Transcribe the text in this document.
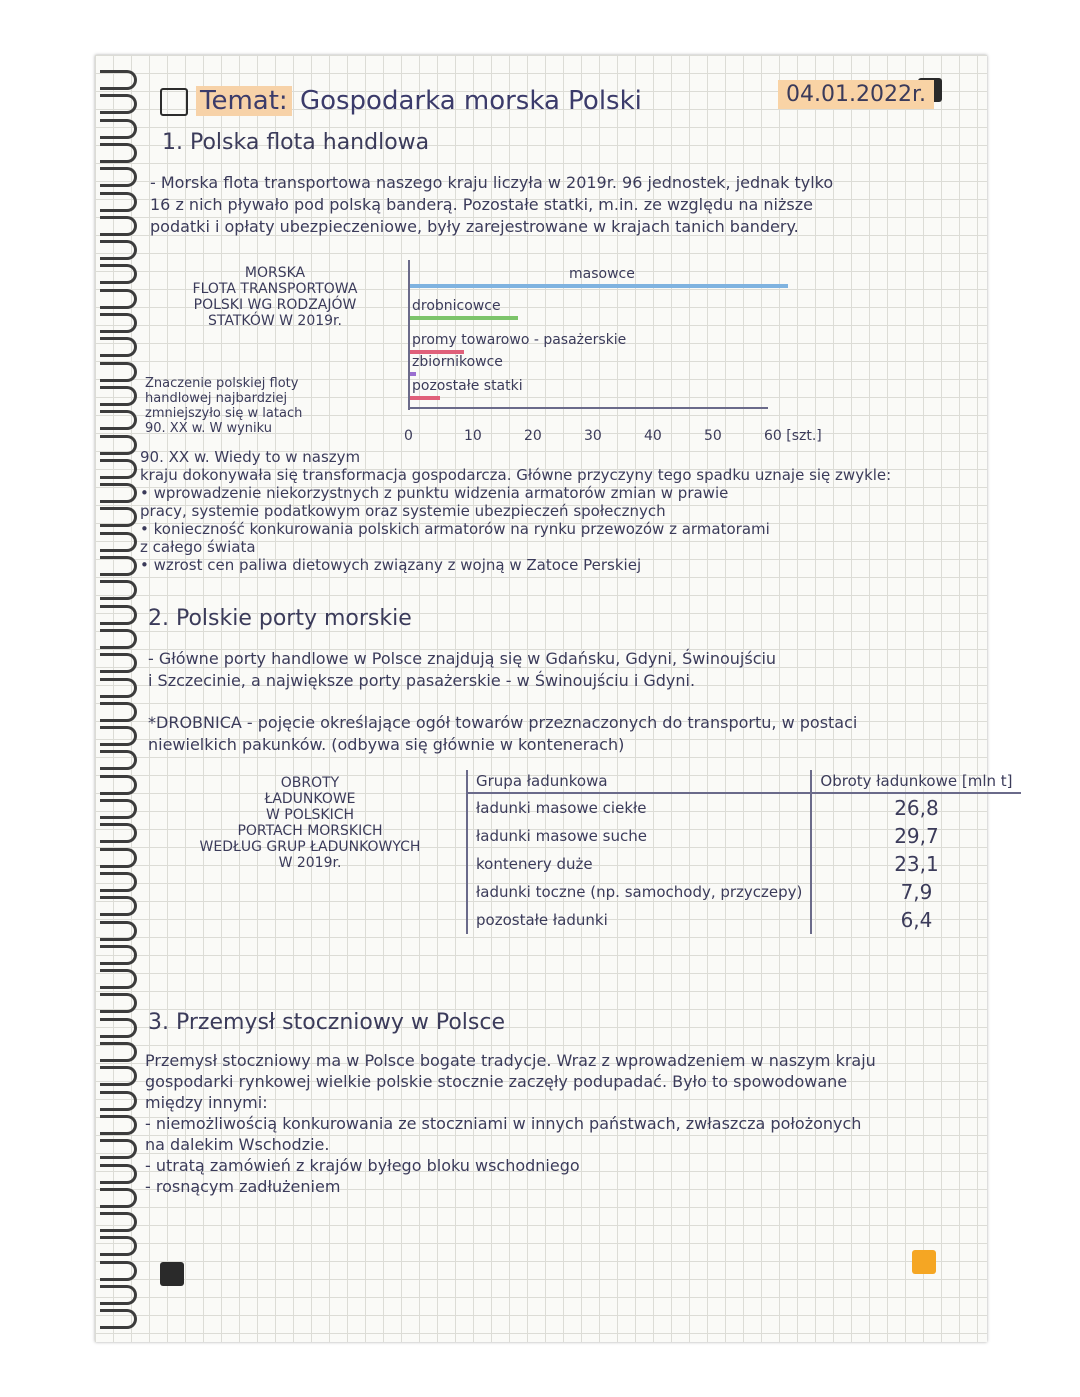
Temat: Gospodarka morska Polski	04.01.2022r.
1. Polska flota handlowa
- Morska flota transportowa naszego kraju liczyła w 2019r. 96 jednostek, jednak tylko
16 z nich pływało pod polską banderą. Pozostałe statki, m.in. ze względu na niższe
podatki i opłaty ubezpieczeniowe, były zarejestrowane w krajach tanich bandery.
MORSKA
FLOTA TRANSPORTOWA
POLSKI WG RODZAJÓW
STATKÓW W 2019r.
Znaczenie polskiej floty
handlowej najbardziej
zmniejszyło się w latach
90. XX w. W wyniku
masowce
drobnicowce
promy towarowo - pasażerskie
zbiornikowce
pozostałe statki
0	10	20	30	40	50	60 [szt.]
90. XX w. Wiedy to w naszym
kraju dokonywała się transformacja gospodarcza. Główne przyczyny tego spadku uznaje się zwykle:
• wprowadzenie niekorzystnych z punktu widzenia armatorów zmian w prawie
pracy, systemie podatkowym oraz systemie ubezpieczeń społecznych
• konieczność konkurowania polskich armatorów na rynku przewozów z armatorami
z całego świata
• wzrost cen paliwa dietowych związany z wojną w Zatoce Perskiej
2. Polskie porty morskie
- Główne porty handlowe w Polsce znajdują się w Gdańsku, Gdyni, Świnoujściu
i Szczecinie, a największe porty pasażerskie - w Świnoujściu i Gdyni.
*DROBNICA - pojęcie określające ogół towarów przeznaczonych do transportu, w postaci
niewielkich pakunków. (odbywa się głównie w kontenerach)
OBROTY
ŁADUNKOWE
W POLSKICH
PORTACH MORSKICH
WEDŁUG GRUP ŁADUNKOWYCH
W 2019r.
Grupa ładunkowa	Obroty ładunkowe [mln t]
ładunki masowe ciekłe	26,8
ładunki masowe suche	29,7
kontenery duże	23,1
ładunki toczne (np. samochody, przyczepy)	7,9
pozostałe ładunki	6,4
3. Przemysł stoczniowy w Polsce
Przemysł stoczniowy ma w Polsce bogate tradycje. Wraz z wprowadzeniem w naszym kraju
gospodarki rynkowej wielkie polskie stocznie zaczęły podupadać. Było to spowodowane
między innymi:
- niemożliwością konkurowania ze stoczniami w innych państwach, zwłaszcza położonych
na dalekim Wschodzie.
- utratą zamówień z krajów byłego bloku wschodniego
- rosnącym zadłużeniem
